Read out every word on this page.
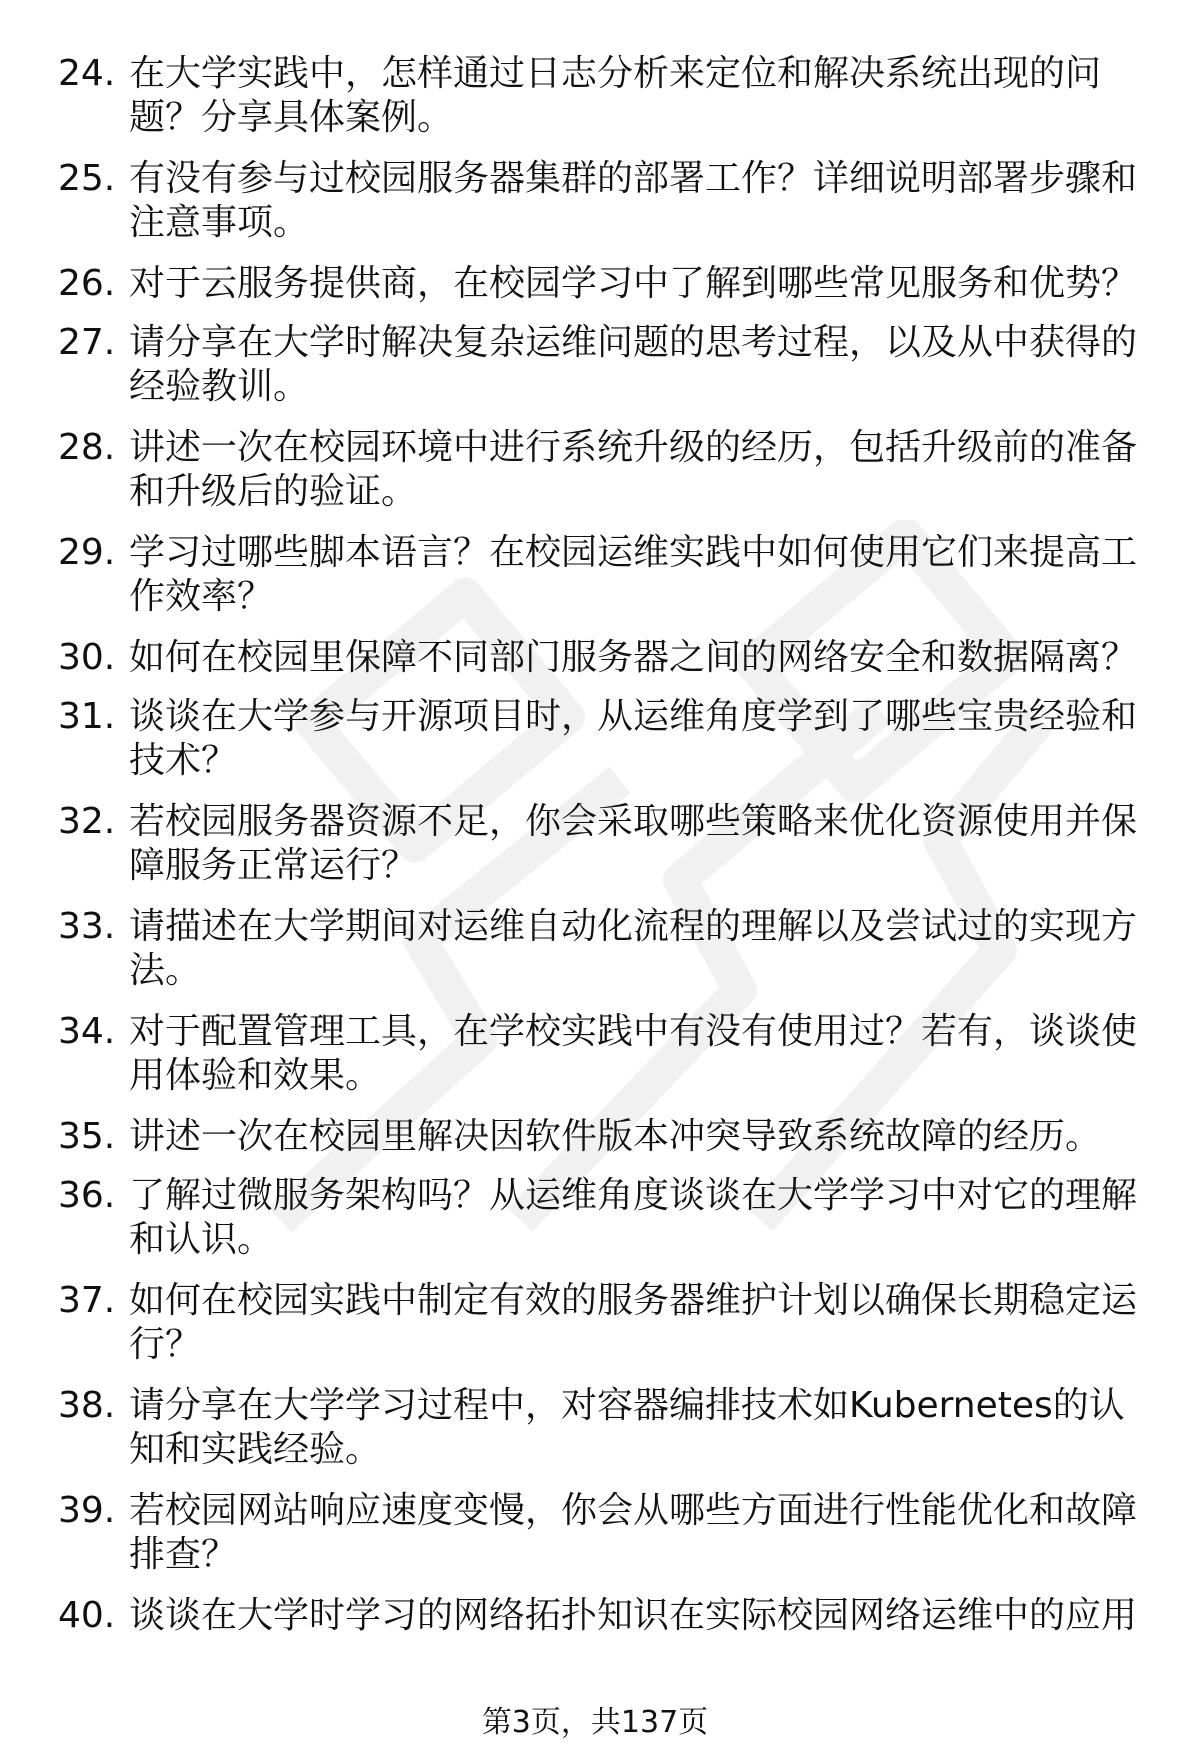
24. 在大学实践中，怎样通过日志分析来定位和解决系统出现的问题？分享具体案例。
25. 有没有参与过校园服务器集群的部署工作？详细说明部署步骤和注意事项。
26. 对于云服务提供商，在校园学习中了解到哪些常见服务和优势？
27. 请分享在大学时解决复杂运维问题的思考过程，以及从中获得的经验教训。
28. 讲述一次在校园环境中进行系统升级的经历，包括升级前的准备和升级后的验证。
29. 学习过哪些脚本语言？在校园运维实践中如何使用它们来提高工作效率？
30. 如何在校园里保障不同部门服务器之间的网络安全和数据隔离？
31. 谈谈在大学参与开源项目时，从运维角度学到了哪些宝贵经验和技术？
32. 若校园服务器资源不足，你会采取哪些策略来优化资源使用并保障服务正常运行？
33. 请描述在大学期间对运维自动化流程的理解以及尝试过的实现方法。
34. 对于配置管理工具，在学校实践中有没有使用过？若有，谈谈使用体验和效果。
35. 讲述一次在校园里解决因软件版本冲突导致系统故障的经历。
36. 了解过微服务架构吗？从运维角度谈谈在大学学习中对它的理解和认识。
37. 如何在校园实践中制定有效的服务器维护计划以确保长期稳定运行？
38. 请分享在大学学习过程中，对容器编排技术如Kubernetes的认知和实践经验。
39. 若校园网站响应速度变慢，你会从哪些方面进行性能优化和故障排查？
40. 谈谈在大学时学习的网络拓扑知识在实际校园网络运维中的应用
第3页，共137页
